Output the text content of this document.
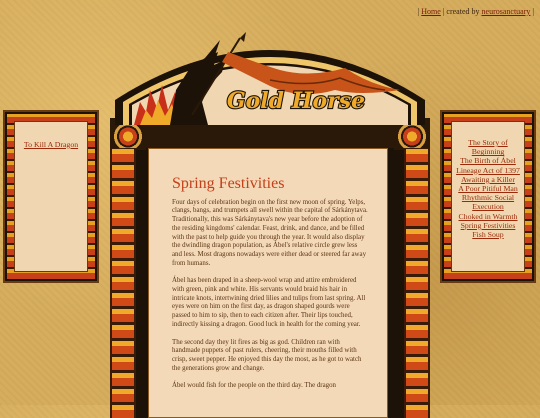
| Home | created by neurosanctuary |
To Kill A Dragon	The Story of Beginning
The Birth of Ábel
Lineage Act of 1397
Awaiting a Killer
A Poor Pitiful Man
Rhythmic Social Execution
Choked in Warmth
Spring Festivities
Fish Soup
Spring Festivities

Four days of celebration begin on the first new moon of spring. Yelps, clangs, bangs, and trumpets all swell within the capital of Sárkánytava. Traditionally, this was Sárkánytava's new year before the adoption of the residing kingdoms' calendar. Feast, drink, and dance, and be filled with the past to help guide you through the year. It would also display the dwindling dragon population, as Ábel's relative circle grew less and less. Most dragons nowadays were either dead or steered far away from humans.

Ábel has been draped in a sheep-wool wrap and attire embroidered with green, pink and white. His servants would braid his hair in intricate knots, intertwining dried lilies and tulips from last spring. All eyes were on him on the first day, as dragon shaped gourds were passed to him to sip, then to each citizen after. Their lips touched, indirectly kissing a dragon. Good luck in health for the coming year.

The second day they lit fires as big as god. Children ran with handmade puppets of past rulers, cheering, their mouths filled with crisp, sweet pepper. He enjoyed this day the most, as he got to watch the generations grow and change.

Ábel would fish for the people on the third day. The dragon

Gold Horse
